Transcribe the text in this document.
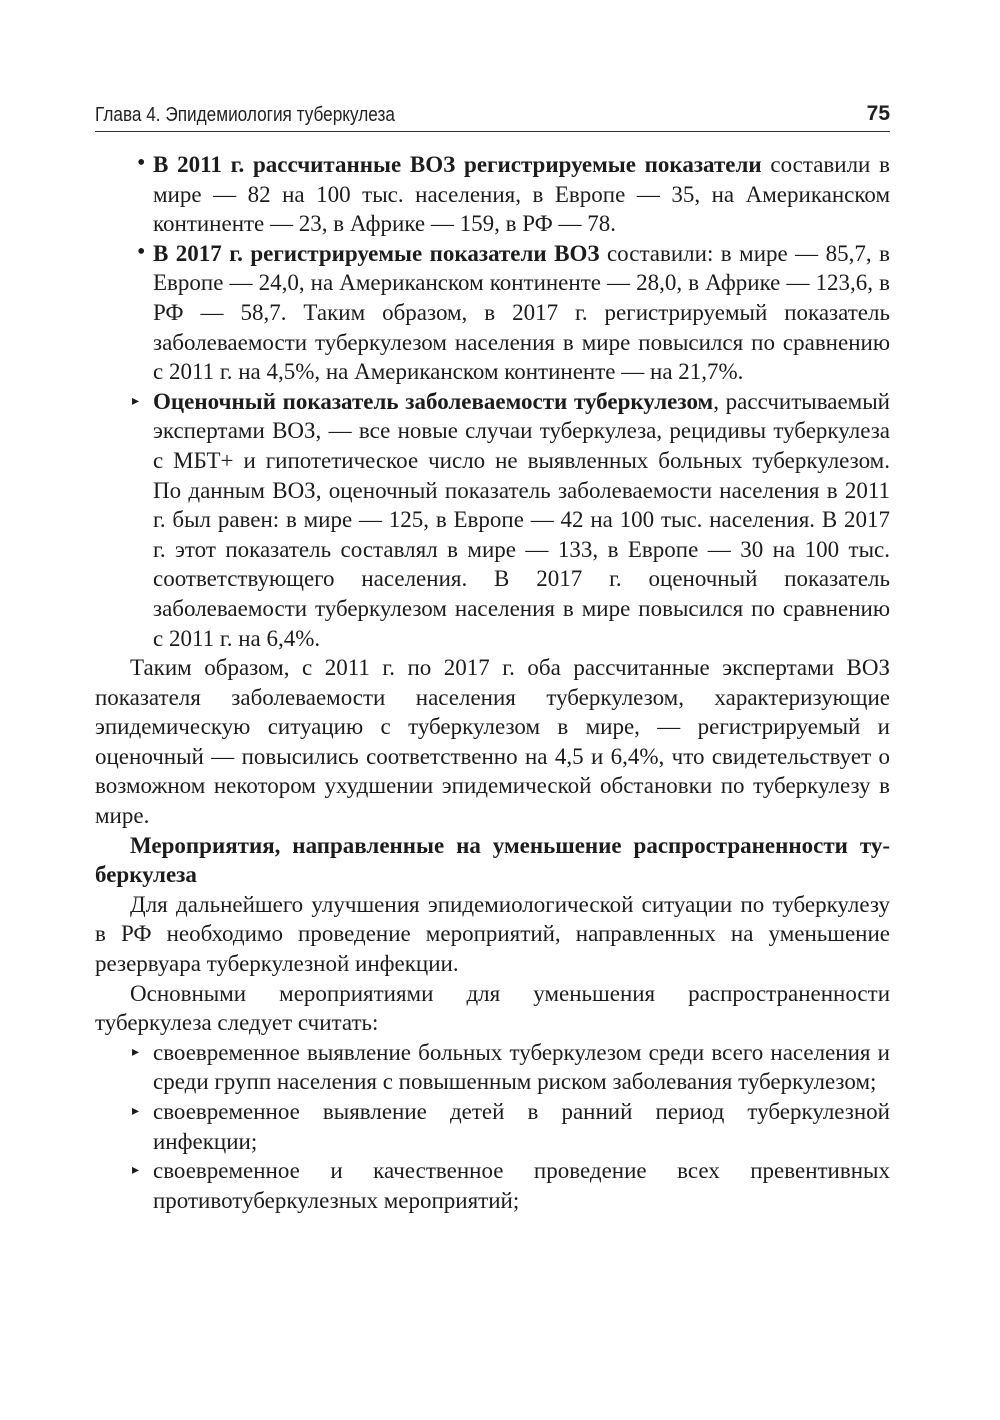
Глава 4. Эпидемиология туберкулеза	75

• В 2011 г. рассчитанные ВОЗ регистрируемые показатели составили в мире — 82 на 100 тыс. населения, в Европе — 35, на Американском континенте — 23, в Африке — 159, в РФ — 78.

• В 2017 г. регистрируемые показатели ВОЗ составили: в мире — 85,7, в Европе — 24,0, на Американском континенте — 28,0, в Африке — 123,6, в РФ — 58,7. Таким образом, в 2017 г. регистрируемый показатель заболеваемости туберкулезом населения в мире повысился по сравнению с 2011 г. на 4,5%, на Американском континенте — на 21,7%.

▸ Оценочный показатель заболеваемости туберкулезом, рассчитываемый экспертами ВОЗ, — все новые случаи туберкулеза, рецидивы туберкулеза с МБТ+ и гипотетическое число не выявленных больных туберкулезом. По данным ВОЗ, оценочный показатель заболеваемости населения в 2011 г. был равен: в мире — 125, в Европе — 42 на 100 тыс. населения. В 2017 г. этот показатель составлял в мире — 133, в Европе — 30 на 100 тыс. соответствующего населения. В 2017 г. оценочный показатель заболеваемости туберкулезом населения в мире повысился по сравнению с 2011 г. на 6,4%.

Таким образом, с 2011 г. по 2017 г. оба рассчитанные экспертами ВОЗ показателя заболеваемости населения туберкулезом, характеризующие эпидемическую ситуацию с туберкулезом в мире, — регистрируемый и оценочный — повысились соответственно на 4,5 и 6,4%, что свидетельствует о возможном некотором ухудшении эпидемической обстановки по туберкулезу в мире.

Мероприятия, направленные на уменьшение распространенности туберкулеза

Для дальнейшего улучшения эпидемиологической ситуации по туберкулезу в РФ необходимо проведение мероприятий, направленных на уменьшение резервуара туберкулезной инфекции.

Основными мероприятиями для уменьшения распространенности туберкулеза следует считать:

▸ своевременное выявление больных туберкулезом среди всего населения и среди групп населения с повышенным риском заболевания туберкулезом;

▸ своевременное выявление детей в ранний период туберкулезной инфекции;

▸ своевременное и качественное проведение всех превентивных противотуберкулезных мероприятий;
